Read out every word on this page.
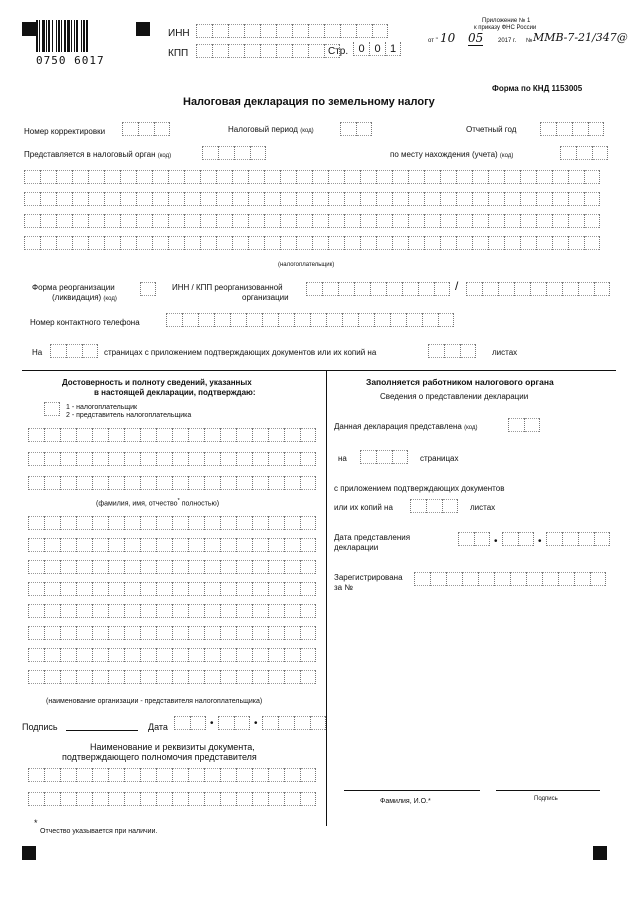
0750 6017
ИНН
КПП	Стр. 0 0 1
Приложение № 1
к приказу ФНС России
от " 10 05 2017 г. № ММВ-7-21/347@
Форма по КНД 1153005
Налоговая декларация по земельному налогу
Номер корректировки	Налоговый период (код)	Отчетный год
Представляется в налоговый орган (код)	по месту нахождения (учета) (код)
(налогоплательщик)
Форма реорганизации
(ликвидация) (код)
ИНН / КПП реорганизованной
организации
/
Номер контактного телефона
На	страницах с приложением подтверждающих документов или их копий на	листах
Достоверность и полноту сведений, указанных
в настоящей декларации, подтверждаю:
1 - налогоплательщик
2 - представитель налогоплательщика
(фамилия, имя, отчество* полностью)
(наименование организации - представителя налогоплательщика)
Подпись	Дата	•	•
Наименование и реквизиты документа,
подтверждающего полномочия представителя
Заполняется работником налогового органа
Сведения о представлении декларации
Данная декларация представлена (код)
на	страницах
с приложением подтверждающих документов
или их копий на	листах
Дата представления
декларации
•	•
Зарегистрирована
за №
Фамилия, И.О.*	Подпись
*
Отчество указывается при наличии.
